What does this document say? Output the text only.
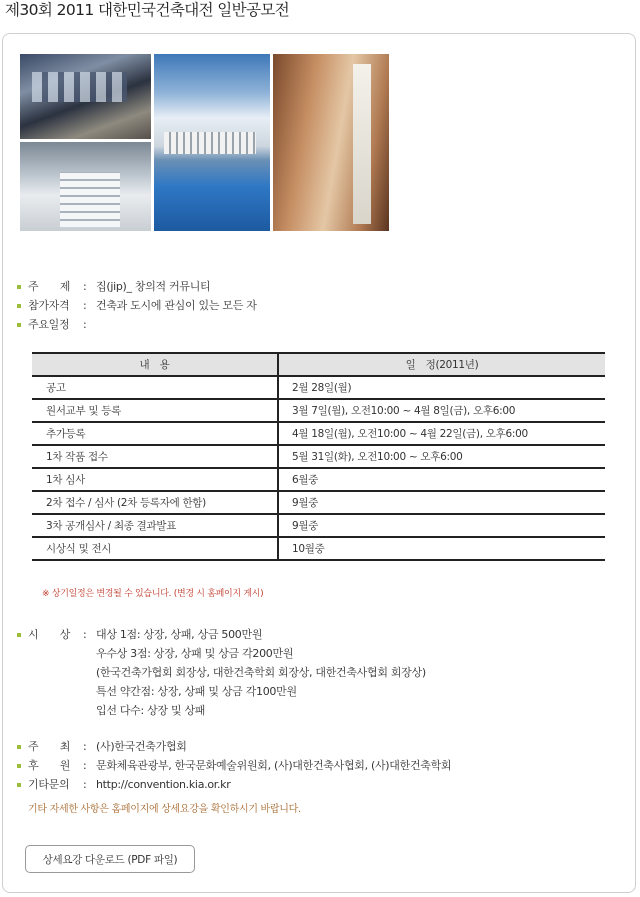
제30회 2011 대한민국건축대전 일반공모전
주　　제 : 집(jip)_ 창의적 커뮤니티
참가자격 : 건축과 도시에 관심이 있는 모든 자
주요일정 :
내　용	일　정(2011년)
공고	2월 28일(월)
원서교부 및 등록	3월 7일(월), 오전10:00 ~ 4월 8일(금), 오후6:00
추가등록	4월 18일(월), 오전10:00 ~ 4월 22일(금), 오후6:00
1차 작품 접수	5월 31일(화), 오전10:00 ~ 오후6:00
1차 심사	6월중
2차 접수 / 심사 (2차 등록자에 한함)	9월중
3차 공개심사 / 최종 결과발표	9월중
시상식 및 전시	10월중
※ 상기일정은 변경될 수 있습니다. (변경 시 홈페이지 게시)
시　　상 : 대상 1점: 상장, 상패, 상금 500만원
우수상 3점: 상장, 상패 및 상금 각200만원
(한국건축가협회 회장상, 대한건축학회 회장상, 대한건축사협회 회장상)
특선 약간점: 상장, 상패 및 상금 각100만원
입선 다수: 상장 및 상패
주　　최 : (사)한국건축가협회
후　　원 : 문화체육관광부, 한국문화예술위원회, (사)대한건축사협회, (사)대한건축학회
기타문의 : http://convention.kia.or.kr
기타 자세한 사항은 홈페이지에 상세요강을 확인하시기 바랍니다.
상세요강 다운로드 (PDF 파일)
